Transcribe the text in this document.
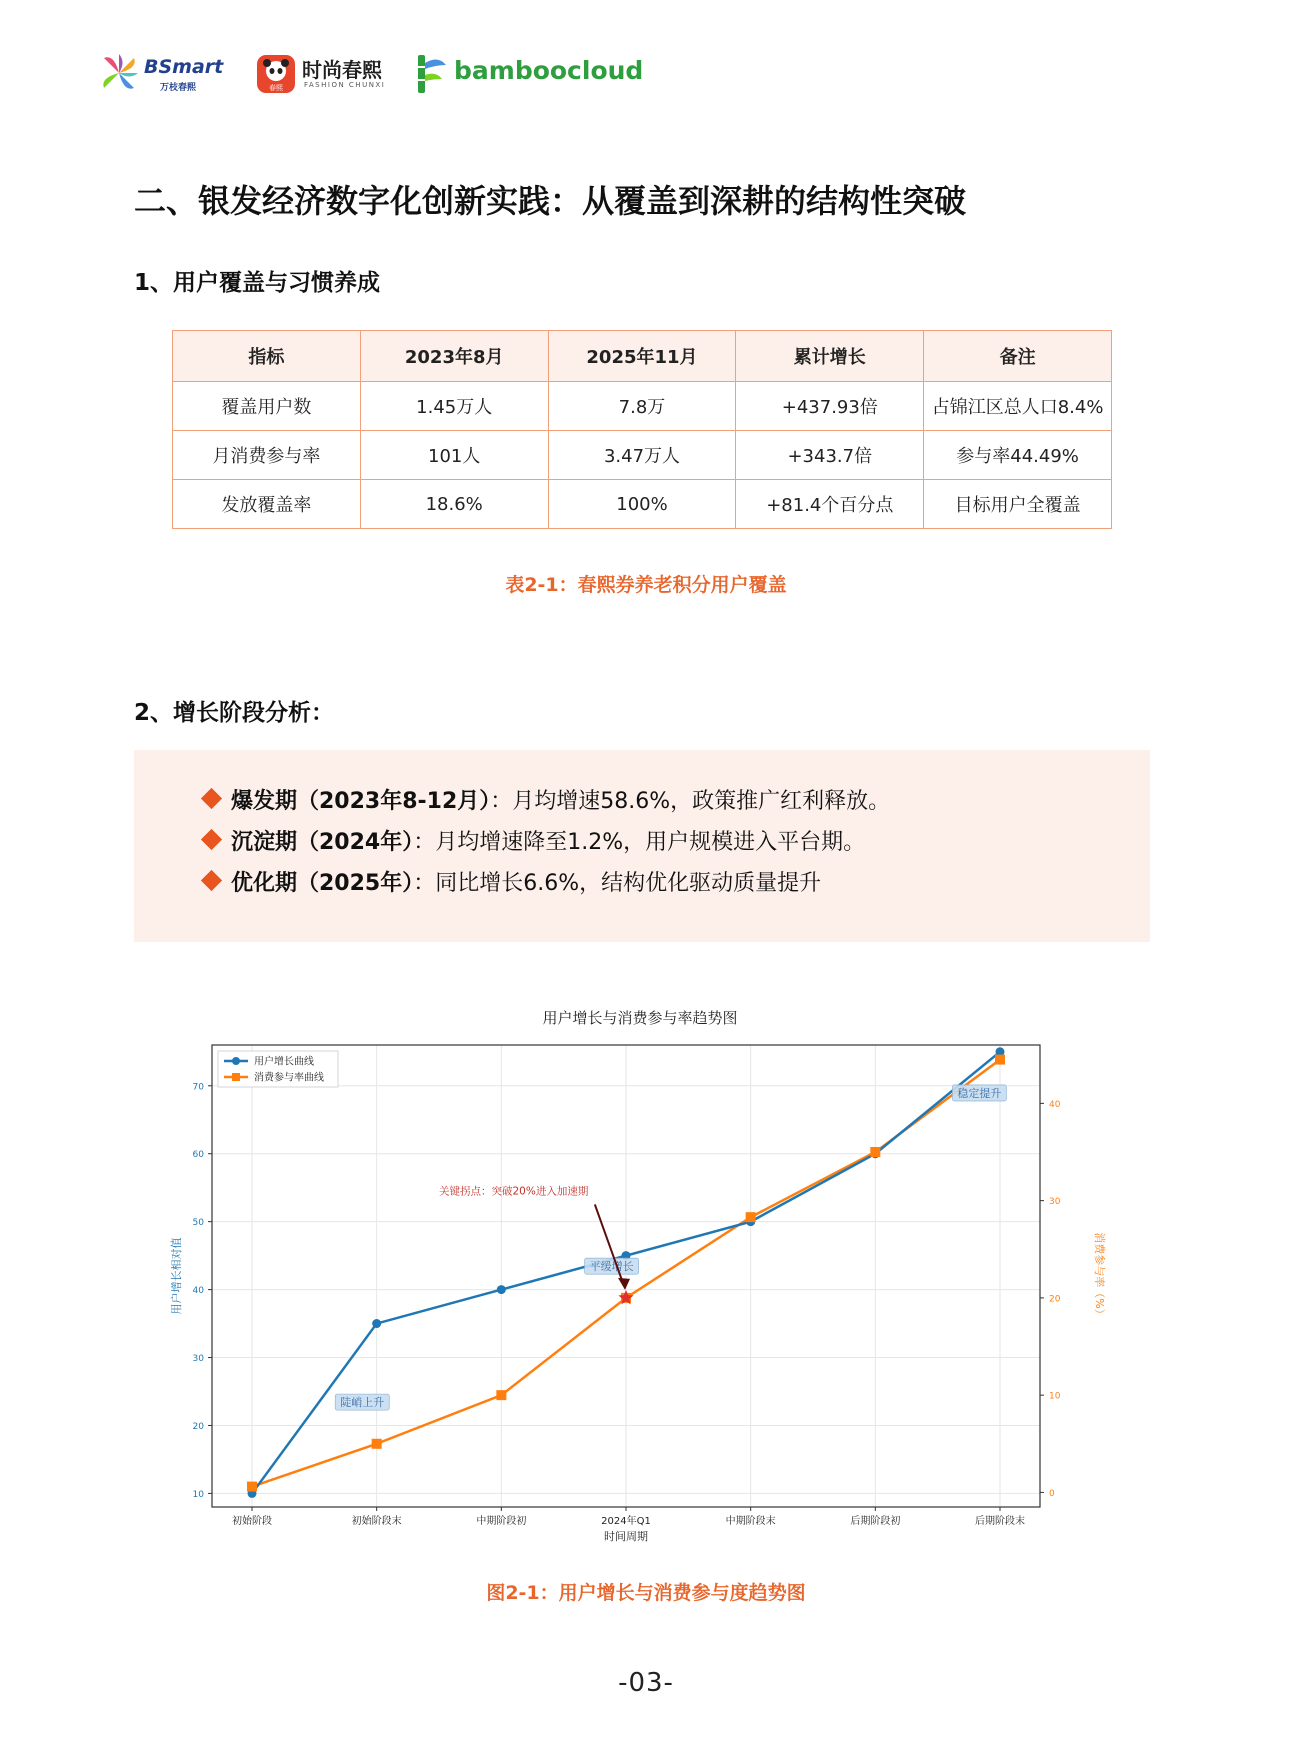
BSmart
万枝春熙	春熙
时尚春熙
FASHION CHUNXI	bamboocloud
二、银发经济数字化创新实践：从覆盖到深耕的结构性突破
1、用户覆盖与习惯养成
指标	2023年8月	2025年11月	累计增长	备注
覆盖用户数	1.45万人	7.8万	+437.93倍	占锦江区总人口8.4%
月消费参与率	101人	3.47万人	+343.7倍	参与率44.49%
发放覆盖率	18.6%	100%	+81.4个百分点	目标用户全覆盖
表2-1：春熙券养老积分用户覆盖
2、增长阶段分析：
爆发期（2023年8-12月）：月均增速58.6%，政策推广红利释放。
沉淀期（2024年）：月均增速降至1.2%，用户规模进入平台期。
优化期（2025年）：同比增长6.6%，结构优化驱动质量提升
用户增长与消费参与率趋势图
10
20
30
40
50
60
70
0
10
20
30
40
初始阶段	初始阶段末	中期阶段初	2024年Q1	中期阶段末	后期阶段初	后期阶段末
时间周期
用户增长相对值	消费参与率（%）
陡峭上升
平缓增长
稳定提升
关键拐点：突破20%进入加速期
用户增长曲线
消费参与率曲线
图2-1：用户增长与消费参与度趋势图
-03-
